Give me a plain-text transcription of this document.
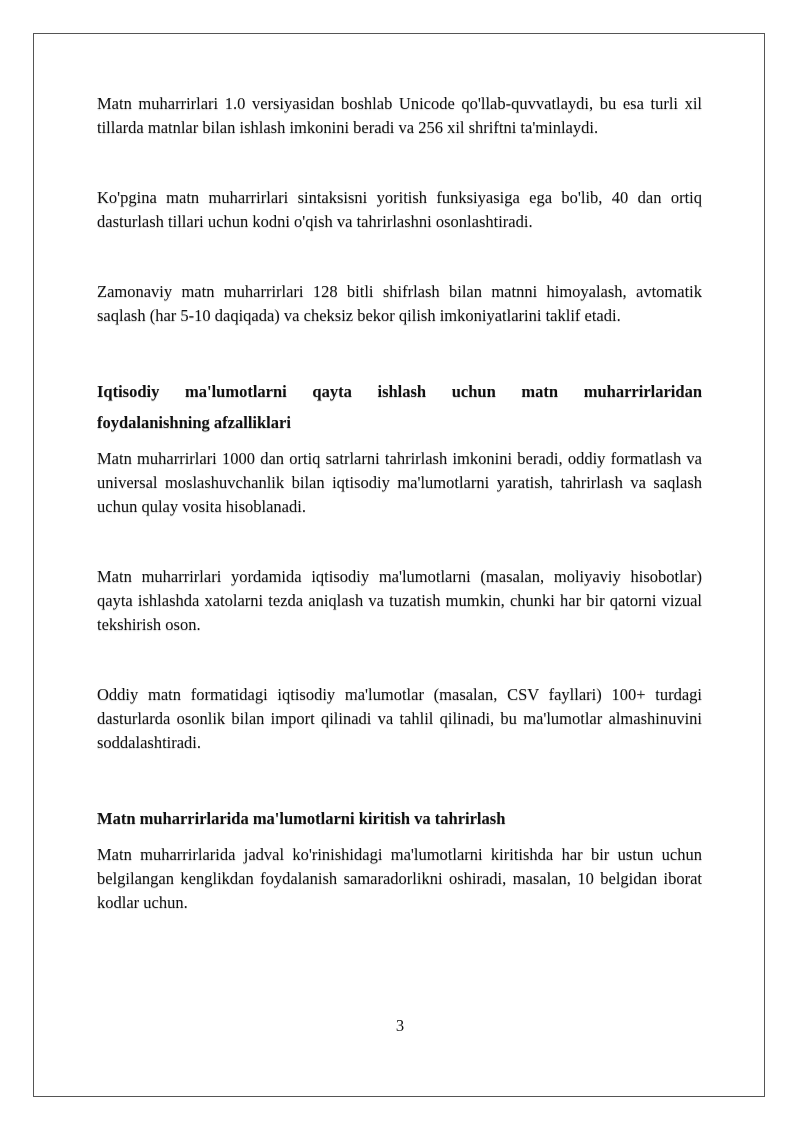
Matn muharrirlari 1.0 versiyasidan boshlab Unicode qo'llab-quvvatlaydi, bu esa turli xil tillarda matnlar bilan ishlash imkonini beradi va 256 xil shriftni ta'minlaydi.

Ko'pgina matn muharrirlari sintaksisni yoritish funksiyasiga ega bo'lib, 40 dan ortiq dasturlash tillari uchun kodni o'qish va tahrirlashni osonlashtiradi.

Zamonaviy matn muharrirlari 128 bitli shifrlash bilan matnni himoyalash, avtomatik saqlash (har 5-10 daqiqada) va cheksiz bekor qilish imkoniyatlarini taklif etadi.

Iqtisodiy ma'lumotlarni qayta ishlash uchun matn muharrirlaridan
foydalanishning afzalliklari

Matn muharrirlari 1000 dan ortiq satrlarni tahrirlash imkonini beradi, oddiy formatlash va universal moslashuvchanlik bilan iqtisodiy ma'lumotlarni yaratish, tahrirlash va saqlash uchun qulay vosita hisoblanadi.

Matn muharrirlari yordamida iqtisodiy ma'lumotlarni (masalan, moliyaviy hisobotlar) qayta ishlashda xatolarni tezda aniqlash va tuzatish mumkin, chunki har bir qatorni vizual tekshirish oson.

Oddiy matn formatidagi iqtisodiy ma'lumotlar (masalan, CSV fayllari) 100+ turdagi dasturlarda osonlik bilan import qilinadi va tahlil qilinadi, bu ma'lumotlar almashinuvini soddalashtiradi.

Matn muharrirlarida ma'lumotlarni kiritish va tahrirlash

Matn muharrirlarida jadval ko'rinishidagi ma'lumotlarni kiritishda har bir ustun uchun belgilangan kenglikdan foydalanish samaradorlikni oshiradi, masalan, 10 belgidan iborat kodlar uchun.

3
